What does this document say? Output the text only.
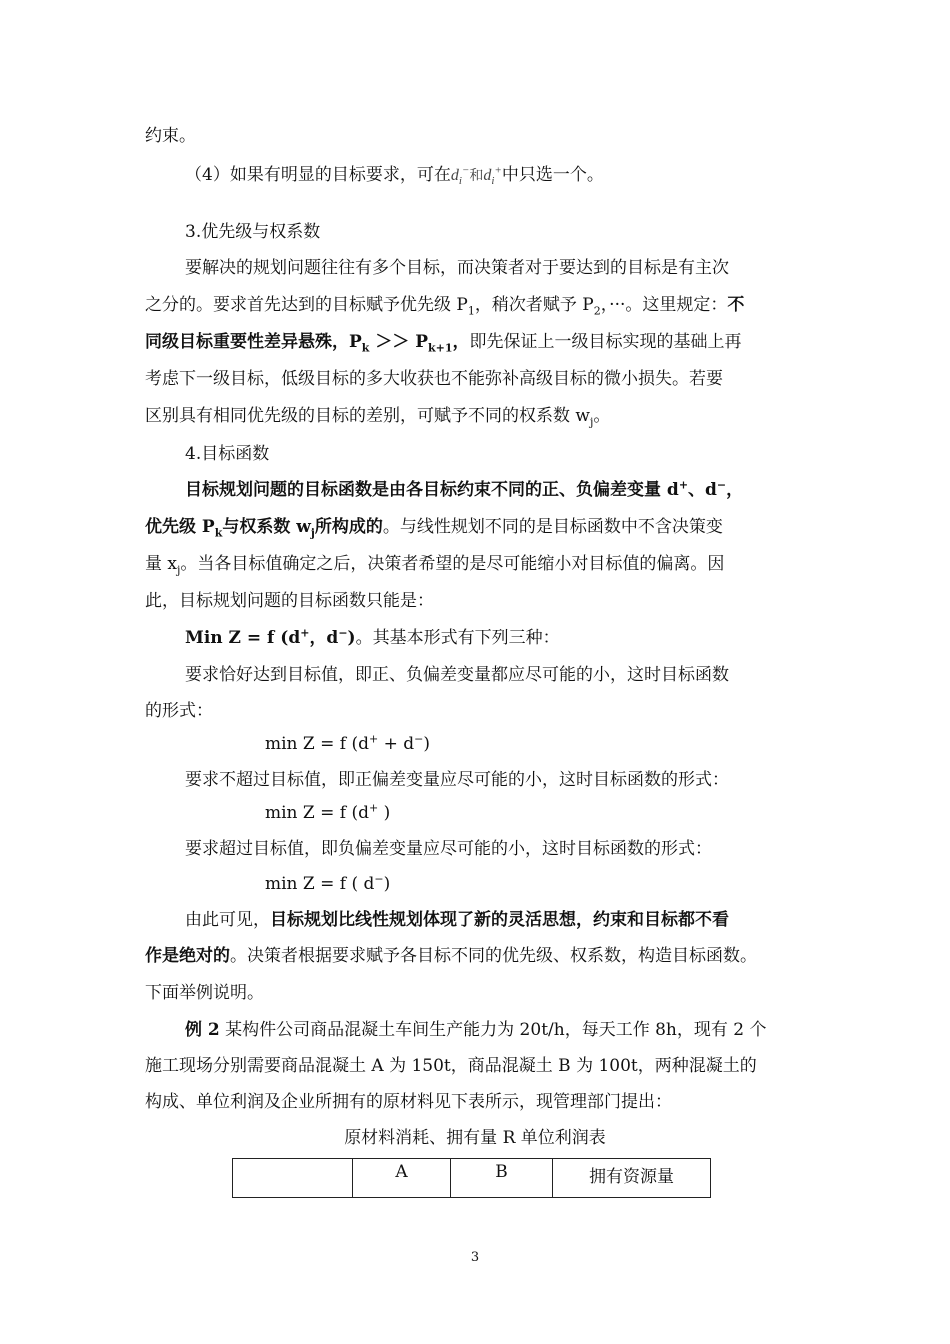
约束。
（4）如果有明显的目标要求，可在$d_i^-$和$d_i^+$中只选一个。
3.优先级与权系数
要解决的规划问题往往有多个目标，而决策者对于要达到的目标是有主次
之分的。要求首先达到的目标赋予优先级 $P_1$，稍次者赋予 $P_2$，···。这里规定：不
同级目标重要性差异悬殊，$P_k >> P_{k+1}$，即先保证上一级目标实现的基础上再
考虑下一级目标，低级目标的多大收获也不能弥补高级目标的微小损失。若要
区别具有相同优先级的目标的差别，可赋予不同的权系数 $w_j$。
4.目标函数
目标规划问题的目标函数是由各目标约束不同的正、负偏差变量 d+、d−，
优先级 $P_k$与权系数 $w_j$所构成的。与线性规划不同的是目标函数中不含决策变
量 $x_j$。当各目标值确定之后，决策者希望的是尽可能缩小对目标值的偏离。因
此，目标规划问题的目标函数只能是：
Min Z = f (d+，d−)。其基本形式有下列三种：
要求恰好达到目标值，即正、负偏差变量都应尽可能的小，这时目标函数
的形式：
min Z = f (d+ + d−)
要求不超过目标值，即正偏差变量应尽可能的小，这时目标函数的形式：
min Z = f (d+ )
要求超过目标值，即负偏差变量应尽可能的小，这时目标函数的形式：
min Z = f ( d−)
由此可见，目标规划比线性规划体现了新的灵活思想，约束和目标都不看
作是绝对的。决策者根据要求赋予各目标不同的优先级、权系数，构造目标函数。
下面举例说明。
例 2 某构件公司商品混凝土车间生产能力为 20t/h，每天工作 8h，现有 2 个
施工现场分别需要商品混凝土 A 为 150t，商品混凝土 B 为 100t，两种混凝土的
构成、单位利润及企业所拥有的原材料见下表所示，现管理部门提出：
原材料消耗、拥有量 R 单位利润表
	A	B	拥有资源量
3
